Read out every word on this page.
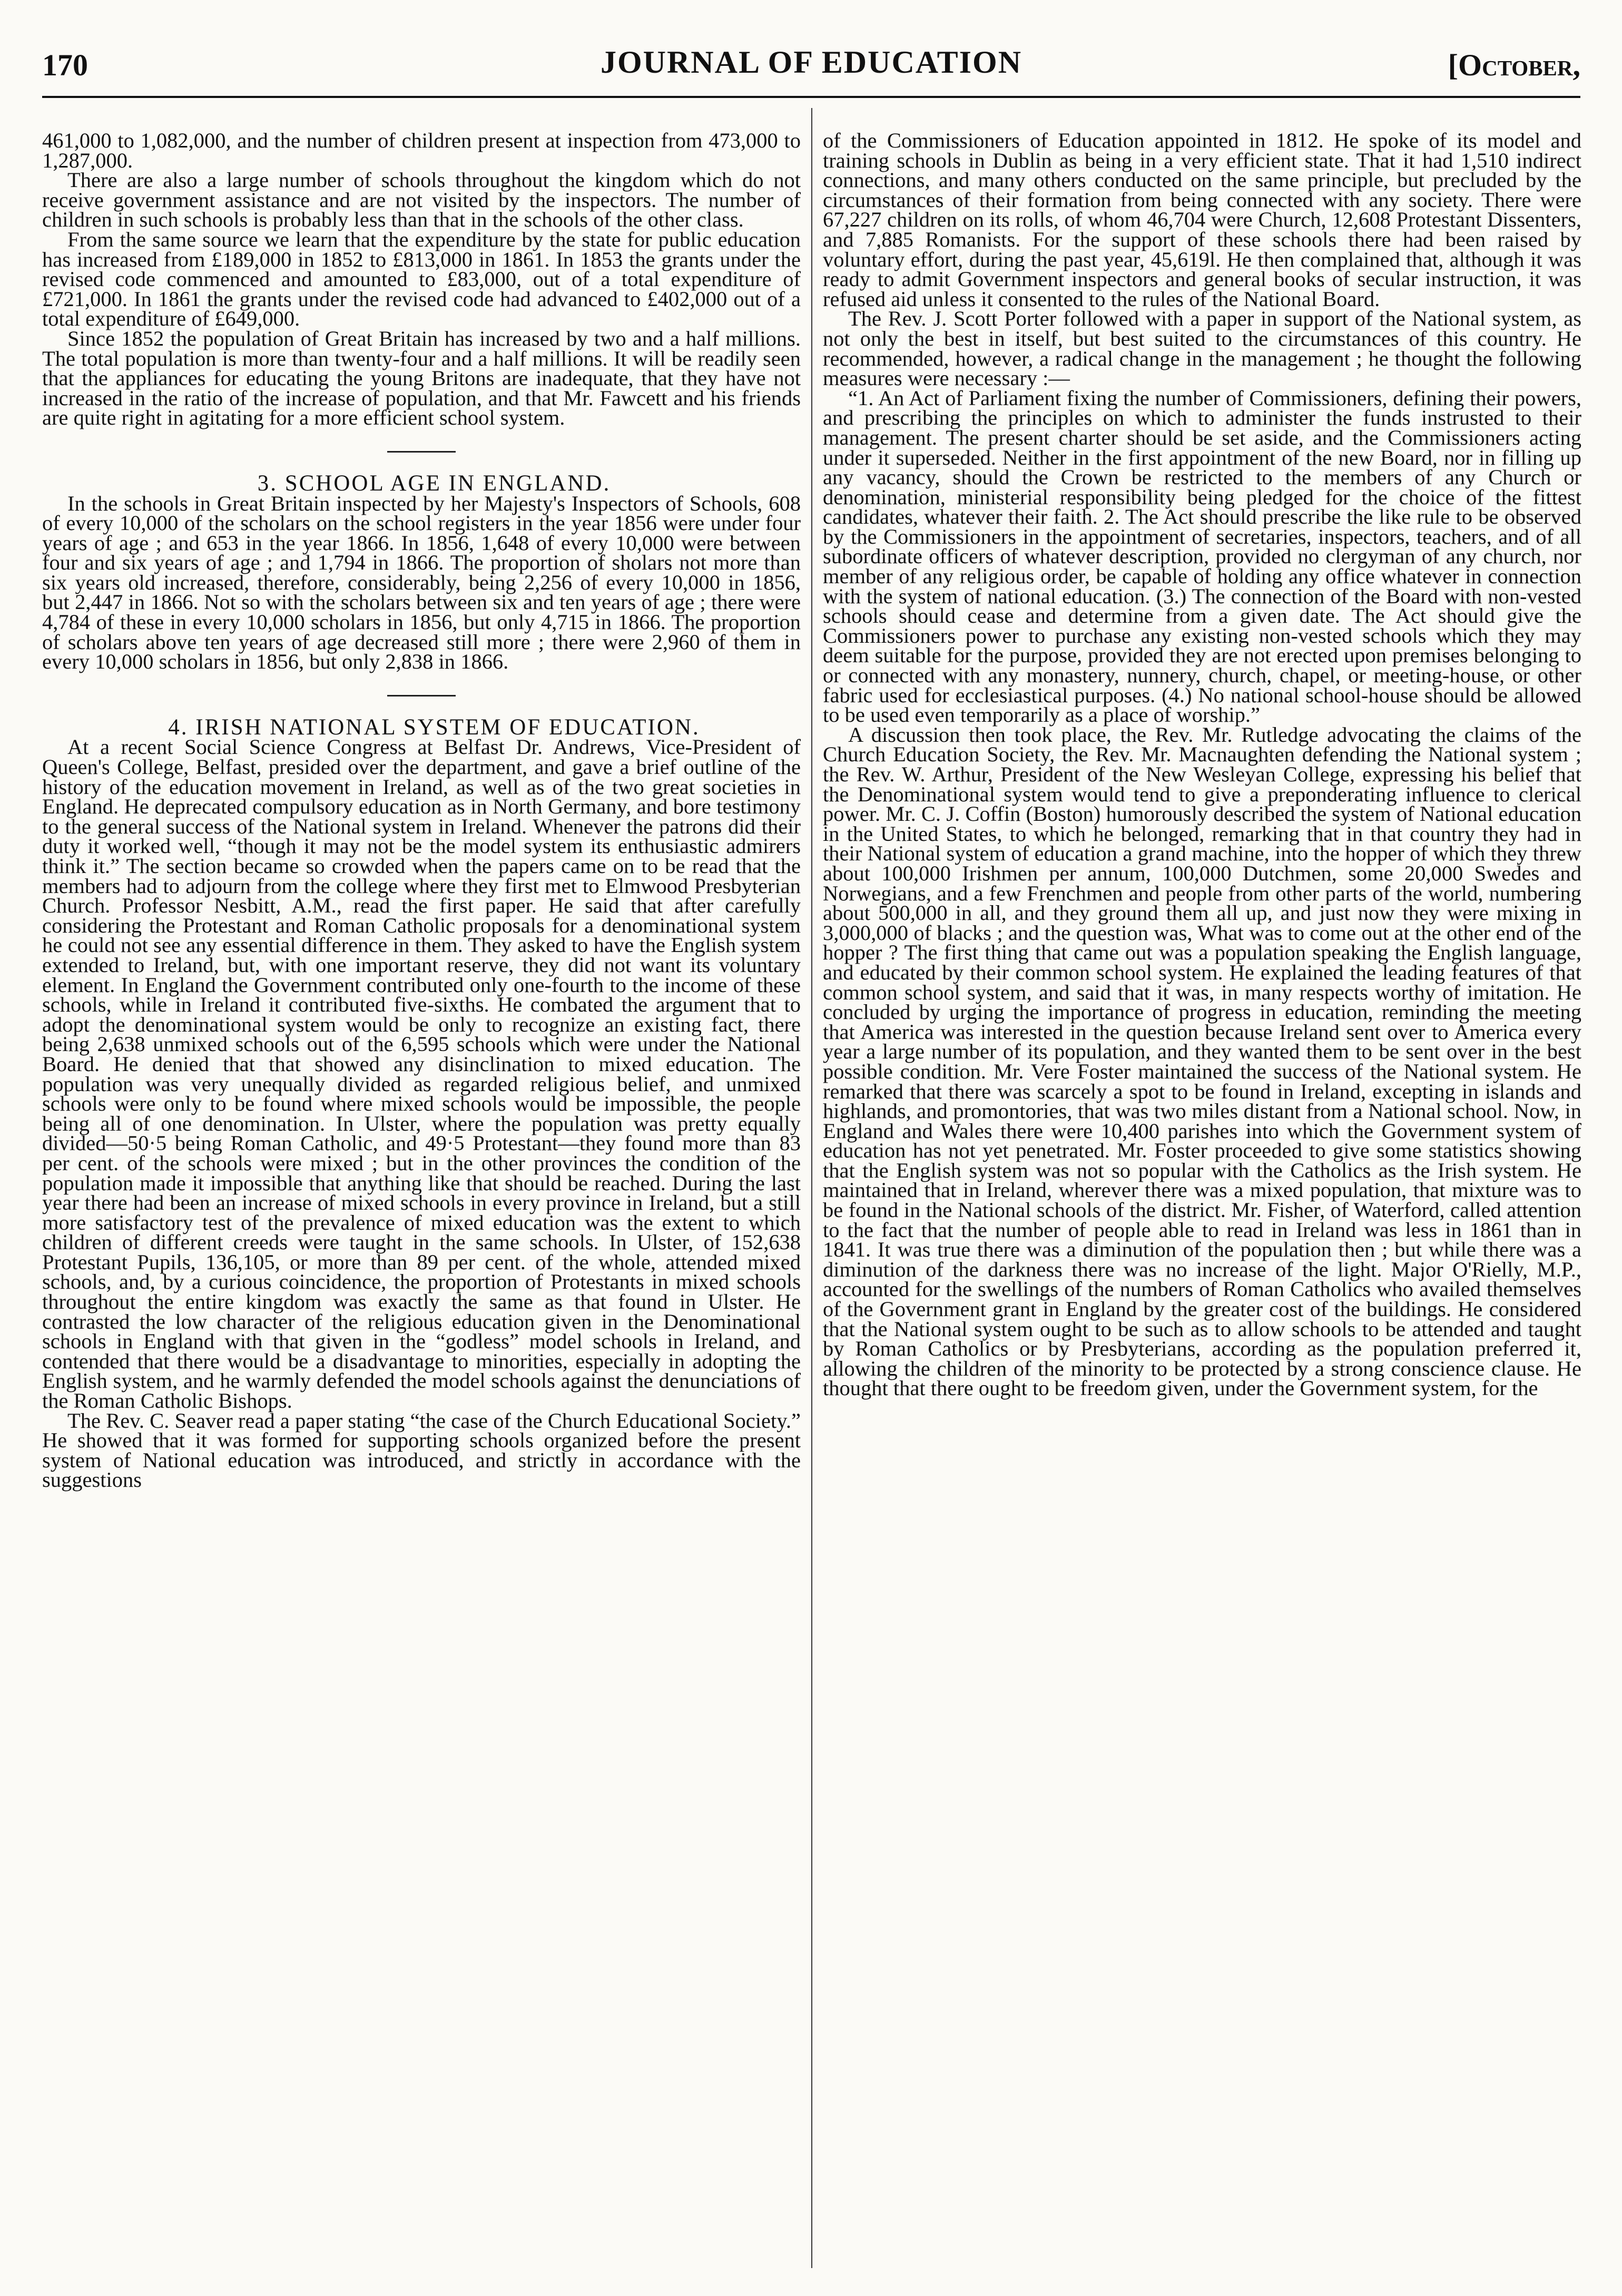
170	JOURNAL OF EDUCATION	[October,

461,000 to 1,082,000, and the number of children present at inspection from 473,000 to 1,287,000.

There are also a large number of schools throughout the kingdom which do not receive government assistance and are not visited by the inspectors. The number of children in such schools is probably less than that in the schools of the other class.

From the same source we learn that the expenditure by the state for public education has increased from £189,000 in 1852 to £813,000 in 1861. In 1853 the grants under the revised code commenced and amounted to £83,000, out of a total expenditure of £721,000. In 1861 the grants under the revised code had advanced to £402,000 out of a total expenditure of £649,000.

Since 1852 the population of Great Britain has increased by two and a half millions. The total population is more than twenty-four and a half millions. It will be readily seen that the appliances for educating the young Britons are inadequate, that they have not increased in the ratio of the increase of population, and that Mr. Fawcett and his friends are quite right in agitating for a more efficient school system.

3. SCHOOL AGE IN ENGLAND.

In the schools in Great Britain inspected by her Majesty's Inspectors of Schools, 608 of every 10,000 of the scholars on the school registers in the year 1856 were under four years of age ; and 653 in the year 1866. In 1856, 1,648 of every 10,000 were between four and six years of age ; and 1,794 in 1866. The proportion of sholars not more than six years old increased, therefore, considerably, being 2,256 of every 10,000 in 1856, but 2,447 in 1866. Not so with the scholars between six and ten years of age ; there were 4,784 of these in every 10,000 scholars in 1856, but only 4,715 in 1866. The proportion of scholars above ten years of age decreased still more ; there were 2,960 of them in every 10,000 scholars in 1856, but only 2,838 in 1866.

4. IRISH NATIONAL SYSTEM OF EDUCATION.

At a recent Social Science Congress at Belfast Dr. Andrews, Vice-President of Queen's College, Belfast, presided over the department, and gave a brief outline of the history of the education movement in Ireland, as well as of the two great societies in England. He deprecated compulsory education as in North Germany, and bore testimony to the general success of the National system in Ireland. Whenever the patrons did their duty it worked well, “though it may not be the model system its enthusiastic admirers think it.” The section became so crowded when the papers came on to be read that the members had to adjourn from the college where they first met to Elmwood Presbyterian Church. Professor Nesbitt, A.M., read the first paper. He said that after carefully considering the Protestant and Roman Catholic proposals for a denominational system he could not see any essential difference in them. They asked to have the English system extended to Ireland, but, with one important reserve, they did not want its voluntary element. In England the Government contributed only one-fourth to the income of these schools, while in Ireland it contributed five-sixths. He combated the argument that to adopt the denominational system would be only to recognize an existing fact, there being 2,638 unmixed schools out of the 6,595 schools which were under the National Board. He denied that that showed any disinclination to mixed education. The population was very unequally divided as regarded religious belief, and unmixed schools were only to be found where mixed schools would be impossible, the people being all of one denomination. In Ulster, where the population was pretty equally divided—50·5 being Roman Catholic, and 49·5 Protestant—they found more than 83 per cent. of the schools were mixed ; but in the other provinces the condition of the population made it impossible that anything like that should be reached. During the last year there had been an increase of mixed schools in every province in Ireland, but a still more satisfactory test of the prevalence of mixed education was the extent to which children of different creeds were taught in the same schools. In Ulster, of 152,638 Protestant Pupils, 136,105, or more than 89 per cent. of the whole, attended mixed schools, and, by a curious coincidence, the proportion of Protestants in mixed schools throughout the entire kingdom was exactly the same as that found in Ulster. He contrasted the low character of the religious education given in the Denominational schools in England with that given in the “godless” model schools in Ireland, and contended that there would be a disadvantage to minorities, especially in adopting the English system, and he warmly defended the model schools against the denunciations of the Roman Catholic Bishops.

The Rev. C. Seaver read a paper stating “the case of the Church Educational Society.” He showed that it was formed for supporting schools organized before the present system of National education was introduced, and strictly in accordance with the suggestions

of the Commissioners of Education appointed in 1812. He spoke of its model and training schools in Dublin as being in a very efficient state. That it had 1,510 indirect connections, and many others conducted on the same principle, but precluded by the circumstances of their formation from being connected with any society. There were 67,227 children on its rolls, of whom 46,704 were Church, 12,608 Protestant Dissenters, and 7,885 Romanists. For the support of these schools there had been raised by voluntary effort, during the past year, 45,619l. He then complained that, although it was ready to admit Government inspectors and general books of secular instruction, it was refused aid unless it consented to the rules of the National Board.

The Rev. J. Scott Porter followed with a paper in support of the National system, as not only the best in itself, but best suited to the circumstances of this country. He recommended, however, a radical change in the management ; he thought the following measures were necessary :—

“1. An Act of Parliament fixing the number of Commissioners, defining their powers, and prescribing the principles on which to administer the funds instrusted to their management. The present charter should be set aside, and the Commissioners acting under it superseded. Neither in the first appointment of the new Board, nor in filling up any vacancy, should the Crown be restricted to the members of any Church or denomination, ministerial responsibility being pledged for the choice of the fittest candidates, whatever their faith. 2. The Act should prescribe the like rule to be observed by the Commissioners in the appointment of secretaries, inspectors, teachers, and of all subordinate officers of whatever description, provided no clergyman of any church, nor member of any religious order, be capable of holding any office whatever in connection with the system of national education. (3.) The connection of the Board with non-vested schools should cease and determine from a given date. The Act should give the Commissioners power to purchase any existing non-vested schools which they may deem suitable for the purpose, provided they are not erected upon premises belonging to or connected with any monastery, nunnery, church, chapel, or meeting-house, or other fabric used for ecclesiastical purposes. (4.) No national school-house should be allowed to be used even temporarily as a place of worship.”

A discussion then took place, the Rev. Mr. Rutledge advocating the claims of the Church Education Society, the Rev. Mr. Macnaughten defending the National system ; the Rev. W. Arthur, President of the New Wesleyan College, expressing his belief that the Denominational system would tend to give a preponderating influence to clerical power. Mr. C. J. Coffin (Boston) humorously described the system of National education in the United States, to which he belonged, remarking that in that country they had in their National system of education a grand machine, into the hopper of which they threw about 100,000 Irishmen per annum, 100,000 Dutchmen, some 20,000 Swedes and Norwegians, and a few Frenchmen and people from other parts of the world, numbering about 500,000 in all, and they ground them all up, and just now they were mixing in 3,000,000 of blacks ; and the question was, What was to come out at the other end of the hopper ? The first thing that came out was a population speaking the English language, and educated by their common school system. He explained the leading features of that common school system, and said that it was, in many respects worthy of imitation. He concluded by urging the importance of progress in education, reminding the meeting that America was interested in the question because Ireland sent over to America every year a large number of its population, and they wanted them to be sent over in the best possible condition. Mr. Vere Foster maintained the success of the National system. He remarked that there was scarcely a spot to be found in Ireland, excepting in islands and highlands, and promontories, that was two miles distant from a National school. Now, in England and Wales there were 10,400 parishes into which the Government system of education has not yet penetrated. Mr. Foster proceeded to give some statistics showing that the English system was not so popular with the Catholics as the Irish system. He maintained that in Ireland, wherever there was a mixed population, that mixture was to be found in the National schools of the district. Mr. Fisher, of Waterford, called attention to the fact that the number of people able to read in Ireland was less in 1861 than in 1841. It was true there was a diminution of the population then ; but while there was a diminution of the darkness there was no increase of the light. Major O'Rielly, M.P., accounted for the swellings of the numbers of Roman Catholics who availed themselves of the Government grant in England by the greater cost of the buildings. He considered that the National system ought to be such as to allow schools to be attended and taught by Roman Catholics or by Presbyterians, according as the population preferred it, allowing the children of the minority to be protected by a strong conscience clause. He thought that there ought to be freedom given, under the Government system, for the
